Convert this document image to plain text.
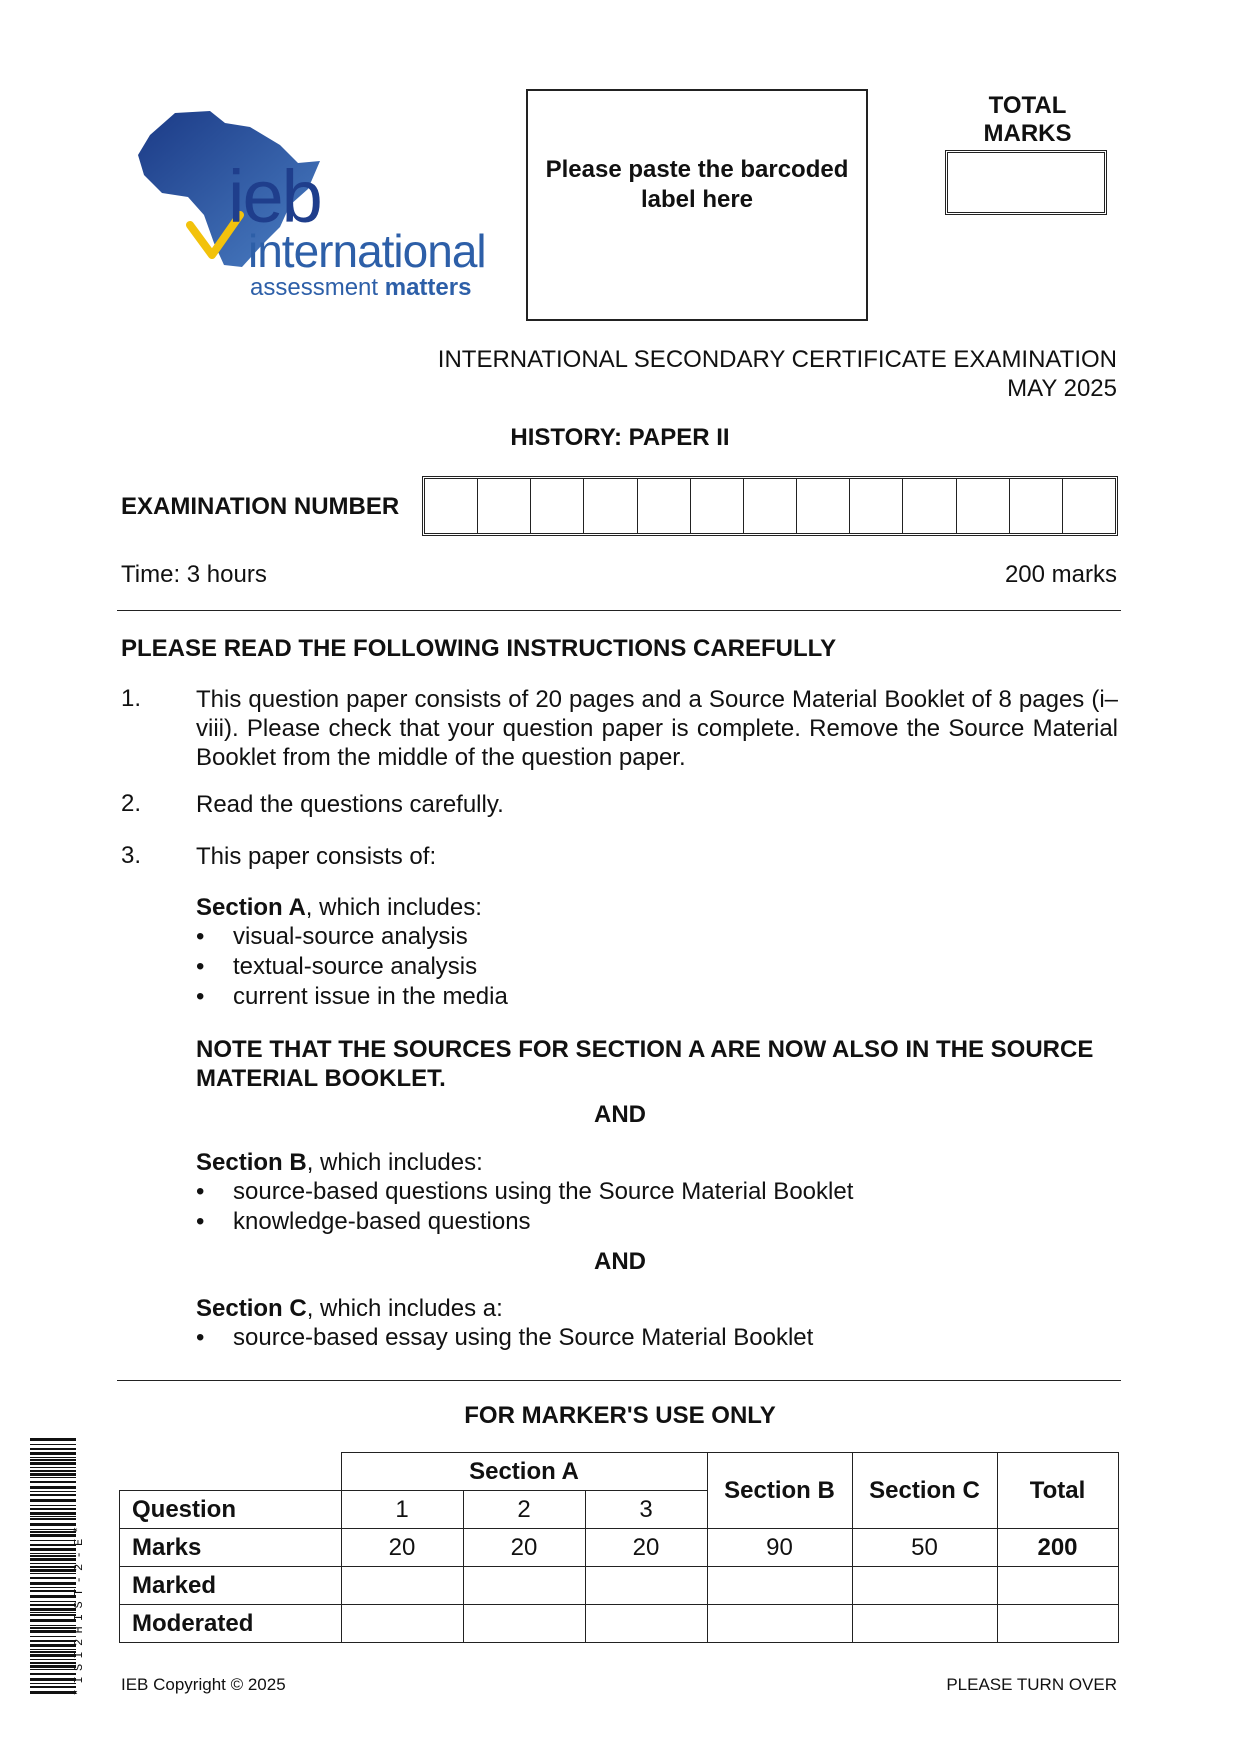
ieb
international
assessment matters
Please paste the barcoded label here
TOTAL MARKS
INTERNATIONAL SECONDARY CERTIFICATE EXAMINATION
MAY 2025
HISTORY: PAPER II
EXAMINATION NUMBER
Time: 3 hours	200 marks
PLEASE READ THE FOLLOWING INSTRUCTIONS CAREFULLY
1. This question paper consists of 20 pages and a Source Material Booklet of 8 pages (i–viii). Please check that your question paper is complete. Remove the Source Material Booklet from the middle of the question paper.
2. Read the questions carefully.
3. This paper consists of:
Section A, which includes:
• visual-source analysis
• textual-source analysis
• current issue in the media
NOTE THAT THE SOURCES FOR SECTION A ARE NOW ALSO IN THE SOURCE MATERIAL BOOKLET.
AND
Section B, which includes:
• source-based questions using the Source Material Booklet
• knowledge-based questions
AND
Section C, which includes a:
• source-based essay using the Source Material Booklet
FOR MARKER'S USE ONLY
	Section A			Section B	Section C	Total
Question	1	2	3			
Marks	20	20	20	90	50	200
Marked						
Moderated						
*ISI2HIST-2-E* IEB Copyright © 2025	PLEASE TURN OVER
